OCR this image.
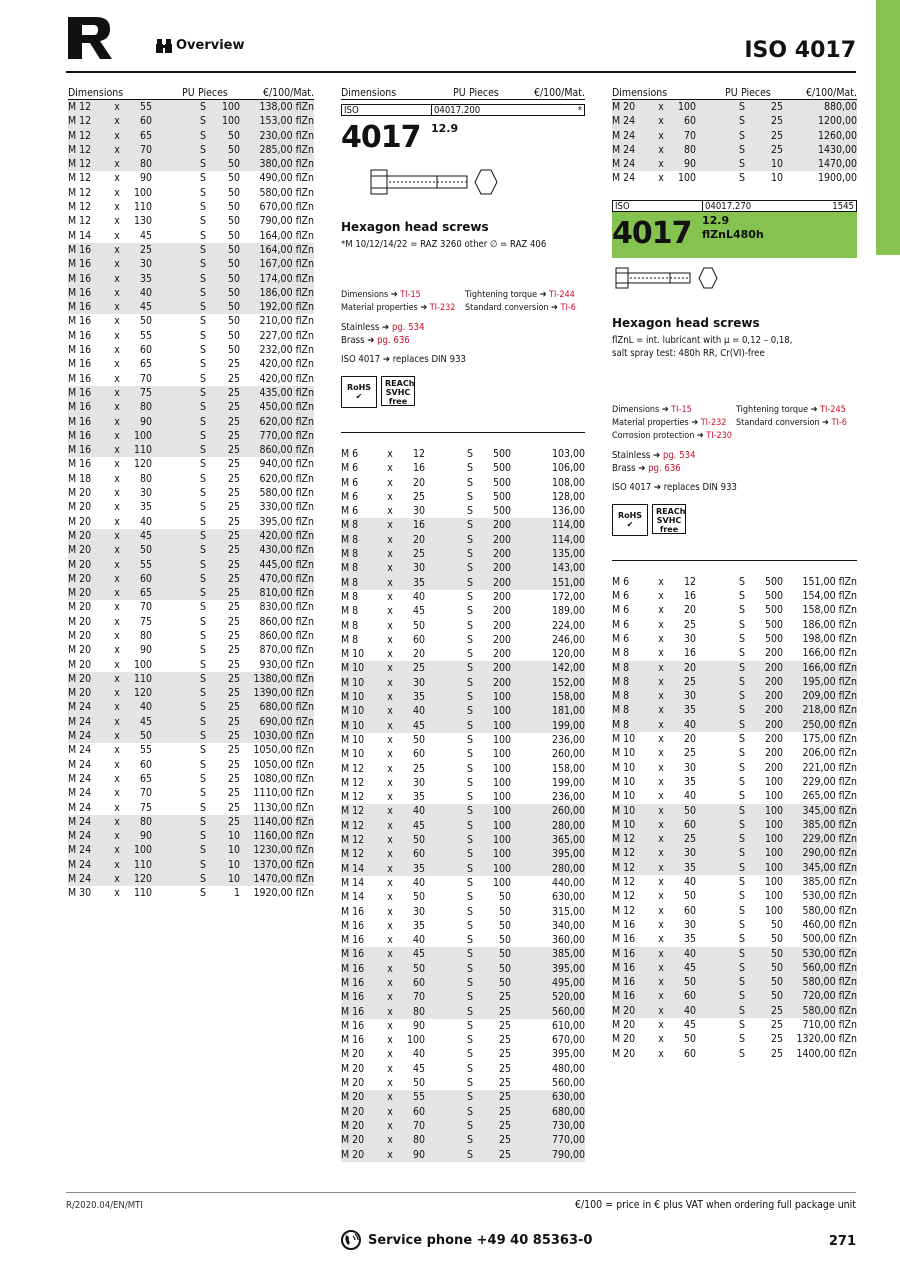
Overview	ISO 4017
Dimensions	PU Pieces	€/100/Mat.
M 12	x	55	S	100	138,00 flZn
M 12	x	60	S	100	153,00 flZn
M 12	x	65	S	50	230,00 flZn
M 12	x	70	S	50	285,00 flZn
M 12	x	80	S	50	380,00 flZn
M 12	x	90	S	50	490,00 flZn
M 12	x	100	S	50	580,00 flZn
M 12	x	110	S	50	670,00 flZn
M 12	x	130	S	50	790,00 flZn
M 14	x	45	S	50	164,00 flZn
M 16	x	25	S	50	164,00 flZn
M 16	x	30	S	50	167,00 flZn
M 16	x	35	S	50	174,00 flZn
M 16	x	40	S	50	186,00 flZn
M 16	x	45	S	50	192,00 flZn
M 16	x	50	S	50	210,00 flZn
M 16	x	55	S	50	227,00 flZn
M 16	x	60	S	50	232,00 flZn
M 16	x	65	S	25	420,00 flZn
M 16	x	70	S	25	420,00 flZn
M 16	x	75	S	25	435,00 flZn
M 16	x	80	S	25	450,00 flZn
M 16	x	90	S	25	620,00 flZn
M 16	x	100	S	25	770,00 flZn
M 16	x	110	S	25	860,00 flZn
M 16	x	120	S	25	940,00 flZn
M 18	x	80	S	25	620,00 flZn
M 20	x	30	S	25	580,00 flZn
M 20	x	35	S	25	330,00 flZn
M 20	x	40	S	25	395,00 flZn
M 20	x	45	S	25	420,00 flZn
M 20	x	50	S	25	430,00 flZn
M 20	x	55	S	25	445,00 flZn
M 20	x	60	S	25	470,00 flZn
M 20	x	65	S	25	810,00 flZn
M 20	x	70	S	25	830,00 flZn
M 20	x	75	S	25	860,00 flZn
M 20	x	80	S	25	860,00 flZn
M 20	x	90	S	25	870,00 flZn
M 20	x	100	S	25	930,00 flZn
M 20	x	110	S	25	1380,00 flZn
M 20	x	120	S	25	1390,00 flZn
M 24	x	40	S	25	680,00 flZn
M 24	x	45	S	25	690,00 flZn
M 24	x	50	S	25	1030,00 flZn
M 24	x	55	S	25	1050,00 flZn
M 24	x	60	S	25	1050,00 flZn
M 24	x	65	S	25	1080,00 flZn
M 24	x	70	S	25	1110,00 flZn
M 24	x	75	S	25	1130,00 flZn
M 24	x	80	S	25	1140,00 flZn
M 24	x	90	S	10	1160,00 flZn
M 24	x	100	S	10	1230,00 flZn
M 24	x	110	S	10	1370,00 flZn
M 24	x	120	S	10	1470,00 flZn
M 30	x	110	S	1	1920,00 flZn
Dimensions	PU Pieces	€/100/Mat.
ISO	04017.200	*
4017 12.9
Hexagon head screws
*M 10/12/14/22 = RAZ 3260 other ∅ = RAZ 406
Dimensions ➔ TI-15	Tightening torque ➔ TI-244
Material properties ➔ TI-232	Standard conversion ➔ TI-6
Stainless ➔ pg. 534
Brass ➔ pg. 636
ISO 4017 ➔ replaces DIN 933
RoHS
✔
REACh
SVHC
free
M 6	x	12	S	500	103,00
M 6	x	16	S	500	106,00
M 6	x	20	S	500	108,00
M 6	x	25	S	500	128,00
M 6	x	30	S	500	136,00
M 8	x	16	S	200	114,00
M 8	x	20	S	200	114,00
M 8	x	25	S	200	135,00
M 8	x	30	S	200	143,00
M 8	x	35	S	200	151,00
M 8	x	40	S	200	172,00
M 8	x	45	S	200	189,00
M 8	x	50	S	200	224,00
M 8	x	60	S	200	246,00
M 10	x	20	S	200	120,00
M 10	x	25	S	200	142,00
M 10	x	30	S	200	152,00
M 10	x	35	S	100	158,00
M 10	x	40	S	100	181,00
M 10	x	45	S	100	199,00
M 10	x	50	S	100	236,00
M 10	x	60	S	100	260,00
M 12	x	25	S	100	158,00
M 12	x	30	S	100	199,00
M 12	x	35	S	100	236,00
M 12	x	40	S	100	260,00
M 12	x	45	S	100	280,00
M 12	x	50	S	100	365,00
M 12	x	60	S	100	395,00
M 14	x	35	S	100	280,00
M 14	x	40	S	100	440,00
M 14	x	50	S	50	630,00
M 16	x	30	S	50	315,00
M 16	x	35	S	50	340,00
M 16	x	40	S	50	360,00
M 16	x	45	S	50	385,00
M 16	x	50	S	50	395,00
M 16	x	60	S	50	495,00
M 16	x	70	S	25	520,00
M 16	x	80	S	25	560,00
M 16	x	90	S	25	610,00
M 16	x	100	S	25	670,00
M 20	x	40	S	25	395,00
M 20	x	45	S	25	480,00
M 20	x	50	S	25	560,00
M 20	x	55	S	25	630,00
M 20	x	60	S	25	680,00
M 20	x	70	S	25	730,00
M 20	x	80	S	25	770,00
M 20	x	90	S	25	790,00
Dimensions	PU Pieces	€/100/Mat.
M 20	x	100	S	25	880,00
M 24	x	60	S	25	1200,00
M 24	x	70	S	25	1260,00
M 24	x	80	S	25	1430,00
M 24	x	90	S	10	1470,00
M 24	x	100	S	10	1900,00
ISO	04017.270	1545
4017 12.9
flZnL480h
Hexagon head screws
flZnL = int. lubricant with µ = 0,12 – 0,18,
salt spray test: 480h RR, Cr(VI)-free
Dimensions ➔ TI-15	Tightening torque ➔ TI-245
Material properties ➔ TI-232	Standard conversion ➔ TI-6
Corrosion protection ➔ TI-230
Stainless ➔ pg. 534
Brass ➔ pg. 636
ISO 4017 ➔ replaces DIN 933
RoHS
✔
REACh
SVHC
free
M 6	x	12	S	500	151,00 flZn
M 6	x	16	S	500	154,00 flZn
M 6	x	20	S	500	158,00 flZn
M 6	x	25	S	500	186,00 flZn
M 6	x	30	S	500	198,00 flZn
M 8	x	16	S	200	166,00 flZn
M 8	x	20	S	200	166,00 flZn
M 8	x	25	S	200	195,00 flZn
M 8	x	30	S	200	209,00 flZn
M 8	x	35	S	200	218,00 flZn
M 8	x	40	S	200	250,00 flZn
M 10	x	20	S	200	175,00 flZn
M 10	x	25	S	200	206,00 flZn
M 10	x	30	S	200	221,00 flZn
M 10	x	35	S	100	229,00 flZn
M 10	x	40	S	100	265,00 flZn
M 10	x	50	S	100	345,00 flZn
M 10	x	60	S	100	385,00 flZn
M 12	x	25	S	100	229,00 flZn
M 12	x	30	S	100	290,00 flZn
M 12	x	35	S	100	345,00 flZn
M 12	x	40	S	100	385,00 flZn
M 12	x	50	S	100	530,00 flZn
M 12	x	60	S	100	580,00 flZn
M 16	x	30	S	50	460,00 flZn
M 16	x	35	S	50	500,00 flZn
M 16	x	40	S	50	530,00 flZn
M 16	x	45	S	50	560,00 flZn
M 16	x	50	S	50	580,00 flZn
M 16	x	60	S	50	720,00 flZn
M 20	x	40	S	25	580,00 flZn
M 20	x	45	S	25	710,00 flZn
M 20	x	50	S	25	1320,00 flZn
M 20	x	60	S	25	1400,00 flZn
R/2020.04/EN/MTI	€/100 = price in € plus VAT when ordering full package unit
Service phone +49 40 85363-0	271
